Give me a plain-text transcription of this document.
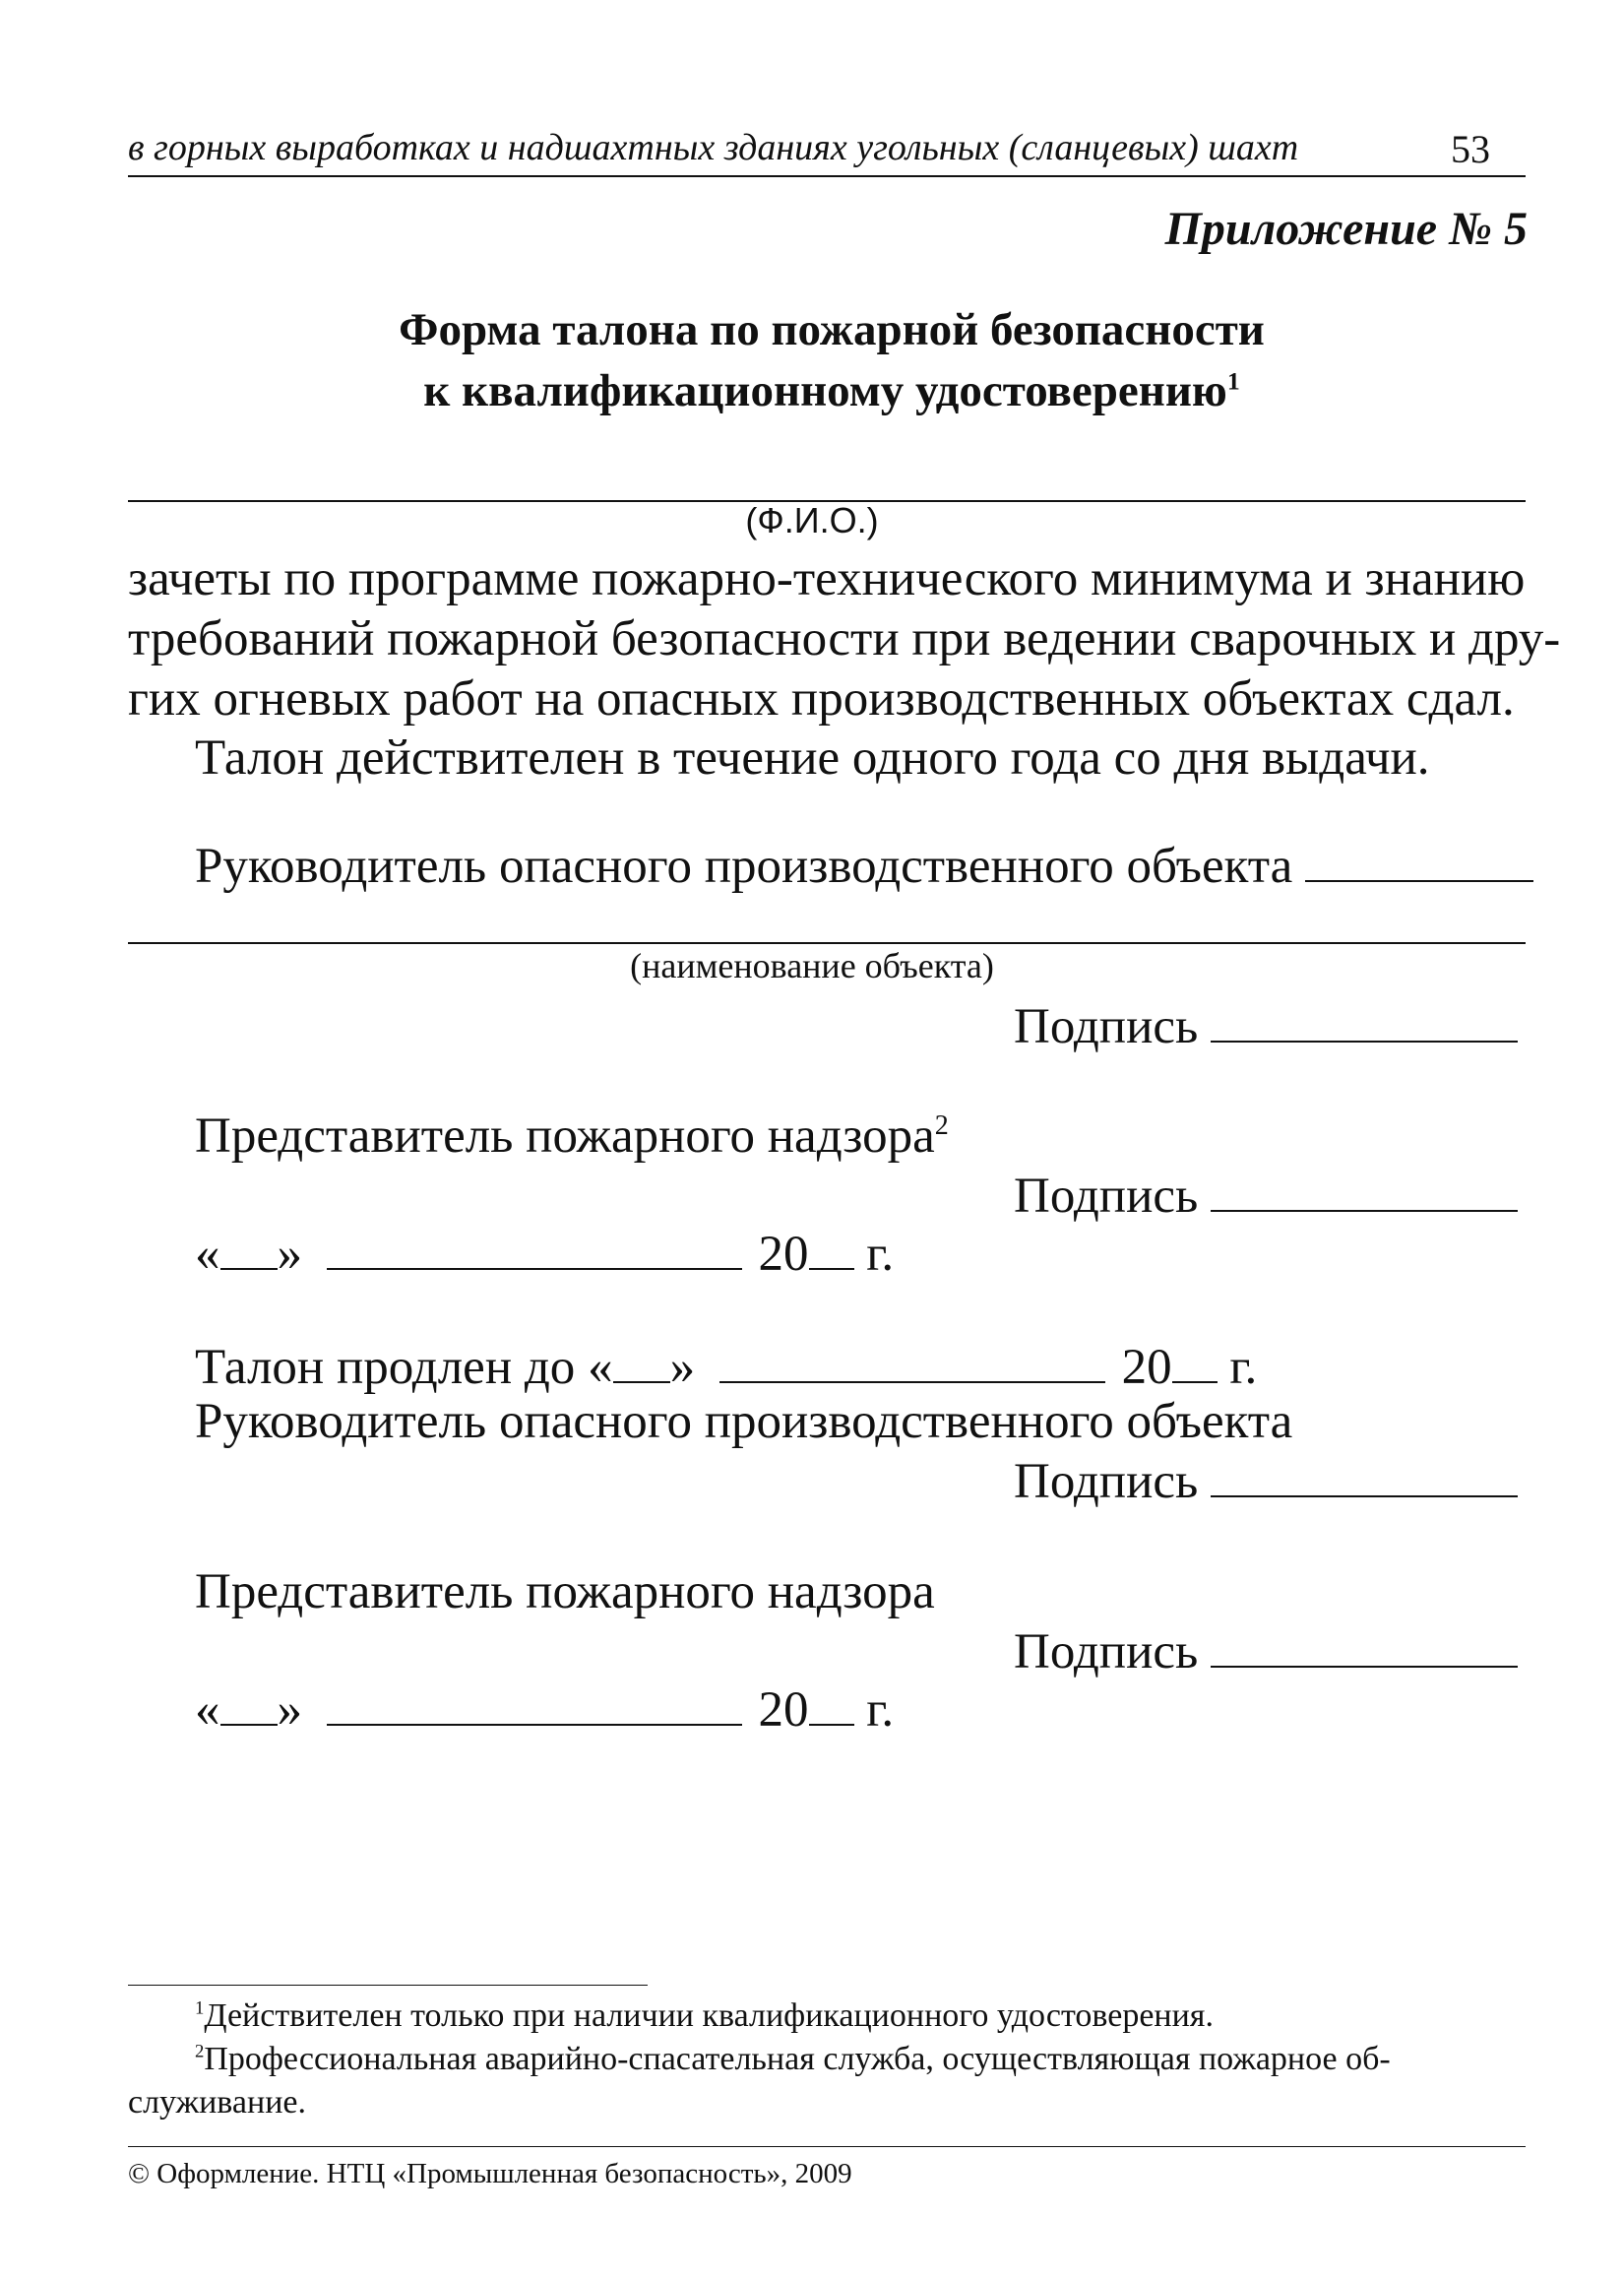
в горных выработках и надшахтных зданиях угольных (сланцевых) шахт	53
Приложение № 5
Форма талона по пожарной безопасности
к квалификационному удостоверению$^1$
(Ф.И.О.)
зачеты по программе пожарно-технического минимума и знанию
требований пожарной безопасности при ведении сварочных и дру-
гих огневых работ на опасных производственных объектах сдал.
Талон действителен в течение одного года со дня выдачи.
Руководитель опасного производственного объекта
(наименование объекта)
Подпись
Представитель пожарного надзора$^2$
Подпись
« »	20 г.
Талон продлен до « »	20 г.
Руководитель опасного производственного объекта
Подпись
Представитель пожарного надзора
Подпись
« »	20 г.
$^1$Действителен только при наличии квалификационного удостоверения.
$^2$Профессиональная аварийно-спасательная служба, осуществляющая пожарное об-
служивание.
© Оформление. НТЦ «Промышленная безопасность», 2009
